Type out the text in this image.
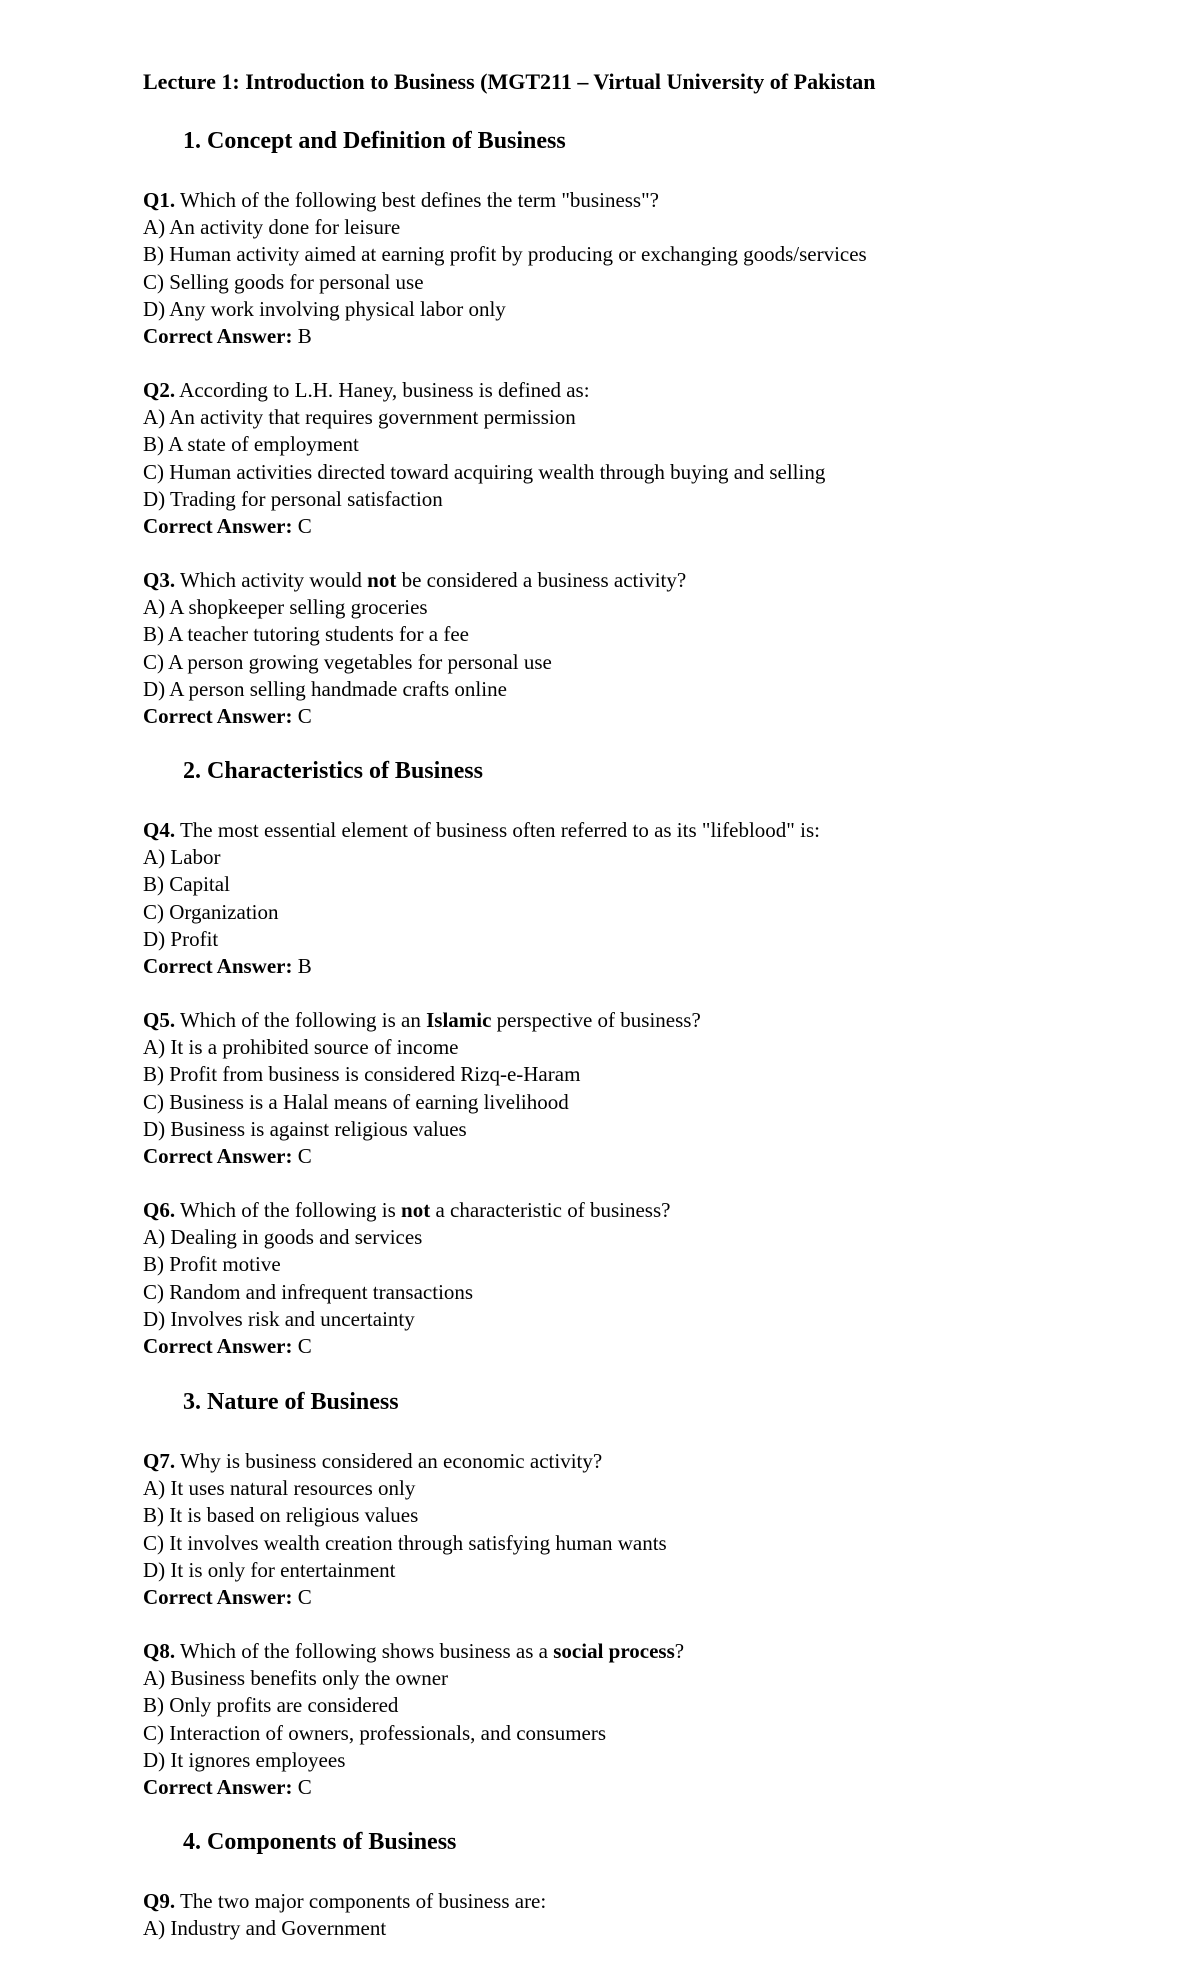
Lecture 1: Introduction to Business (MGT211 – Virtual University of Pakistan
1. Concept and Definition of Business
Q1. Which of the following best defines the term "business"?
A) An activity done for leisure
B) Human activity aimed at earning profit by producing or exchanging goods/services
C) Selling goods for personal use
D) Any work involving physical labor only
Correct Answer: B
Q2. According to L.H. Haney, business is defined as:
A) An activity that requires government permission
B) A state of employment
C) Human activities directed toward acquiring wealth through buying and selling
D) Trading for personal satisfaction
Correct Answer: C
Q3. Which activity would not be considered a business activity?
A) A shopkeeper selling groceries
B) A teacher tutoring students for a fee
C) A person growing vegetables for personal use
D) A person selling handmade crafts online
Correct Answer: C
2. Characteristics of Business
Q4. The most essential element of business often referred to as its "lifeblood" is:
A) Labor
B) Capital
C) Organization
D) Profit
Correct Answer: B
Q5. Which of the following is an Islamic perspective of business?
A) It is a prohibited source of income
B) Profit from business is considered Rizq-e-Haram
C) Business is a Halal means of earning livelihood
D) Business is against religious values
Correct Answer: C
Q6. Which of the following is not a characteristic of business?
A) Dealing in goods and services
B) Profit motive
C) Random and infrequent transactions
D) Involves risk and uncertainty
Correct Answer: C
3. Nature of Business
Q7. Why is business considered an economic activity?
A) It uses natural resources only
B) It is based on religious values
C) It involves wealth creation through satisfying human wants
D) It is only for entertainment
Correct Answer: C
Q8. Which of the following shows business as a social process?
A) Business benefits only the owner
B) Only profits are considered
C) Interaction of owners, professionals, and consumers
D) It ignores employees
Correct Answer: C
4. Components of Business
Q9. The two major components of business are:
A) Industry and Government
